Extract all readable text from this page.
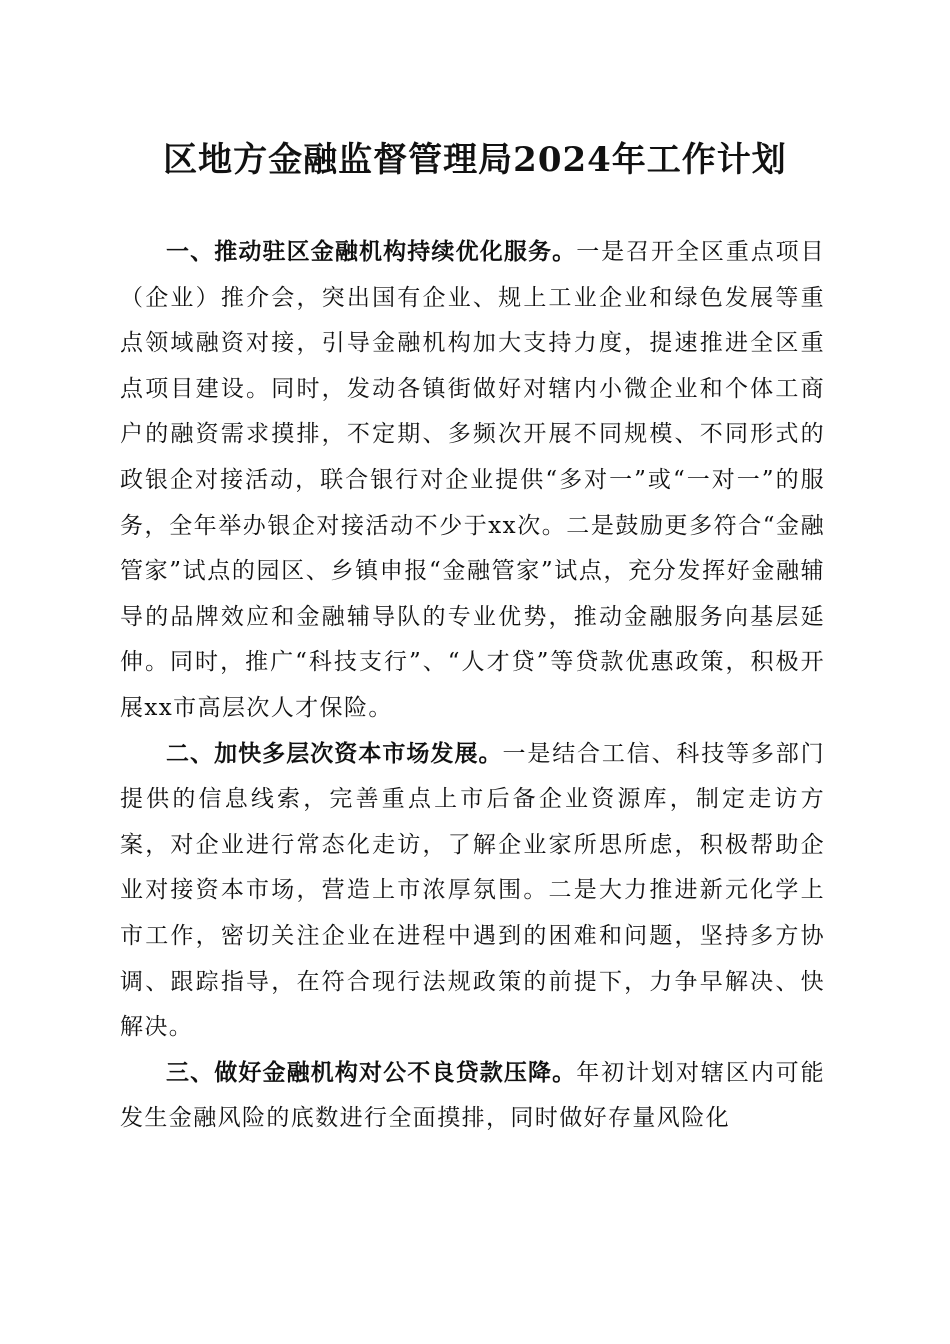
区地方金融监督管理局2024年工作计划

一、推动驻区金融机构持续优化服务。一是召开全区重点项目（企业）推介会，突出国有企业、规上工业企业和绿色发展等重点领域融资对接，引导金融机构加大支持力度，提速推进全区重点项目建设。同时，发动各镇街做好对辖内小微企业和个体工商户的融资需求摸排，不定期、多频次开展不同规模、不同形式的政银企对接活动，联合银行对企业提供“多对一”或“一对一”的服务，全年举办银企对接活动不少于xx次。二是鼓励更多符合“金融管家”试点的园区、乡镇申报“金融管家”试点，充分发挥好金融辅导的品牌效应和金融辅导队的专业优势，推动金融服务向基层延伸。同时，推广“科技支行”、“人才贷”等贷款优惠政策，积极开展xx市高层次人才保险。

二、加快多层次资本市场发展。一是结合工信、科技等多部门提供的信息线索，完善重点上市后备企业资源库，制定走访方案，对企业进行常态化走访，了解企业家所思所虑，积极帮助企业对接资本市场，营造上市浓厚氛围。二是大力推进新元化学上市工作，密切关注企业在进程中遇到的困难和问题，坚持多方协调、跟踪指导，在符合现行法规政策的前提下，力争早解决、快解决。

三、做好金融机构对公不良贷款压降。年初计划对辖区内可能发生金融风险的底数进行全面摸排，同时做好存量风险化
